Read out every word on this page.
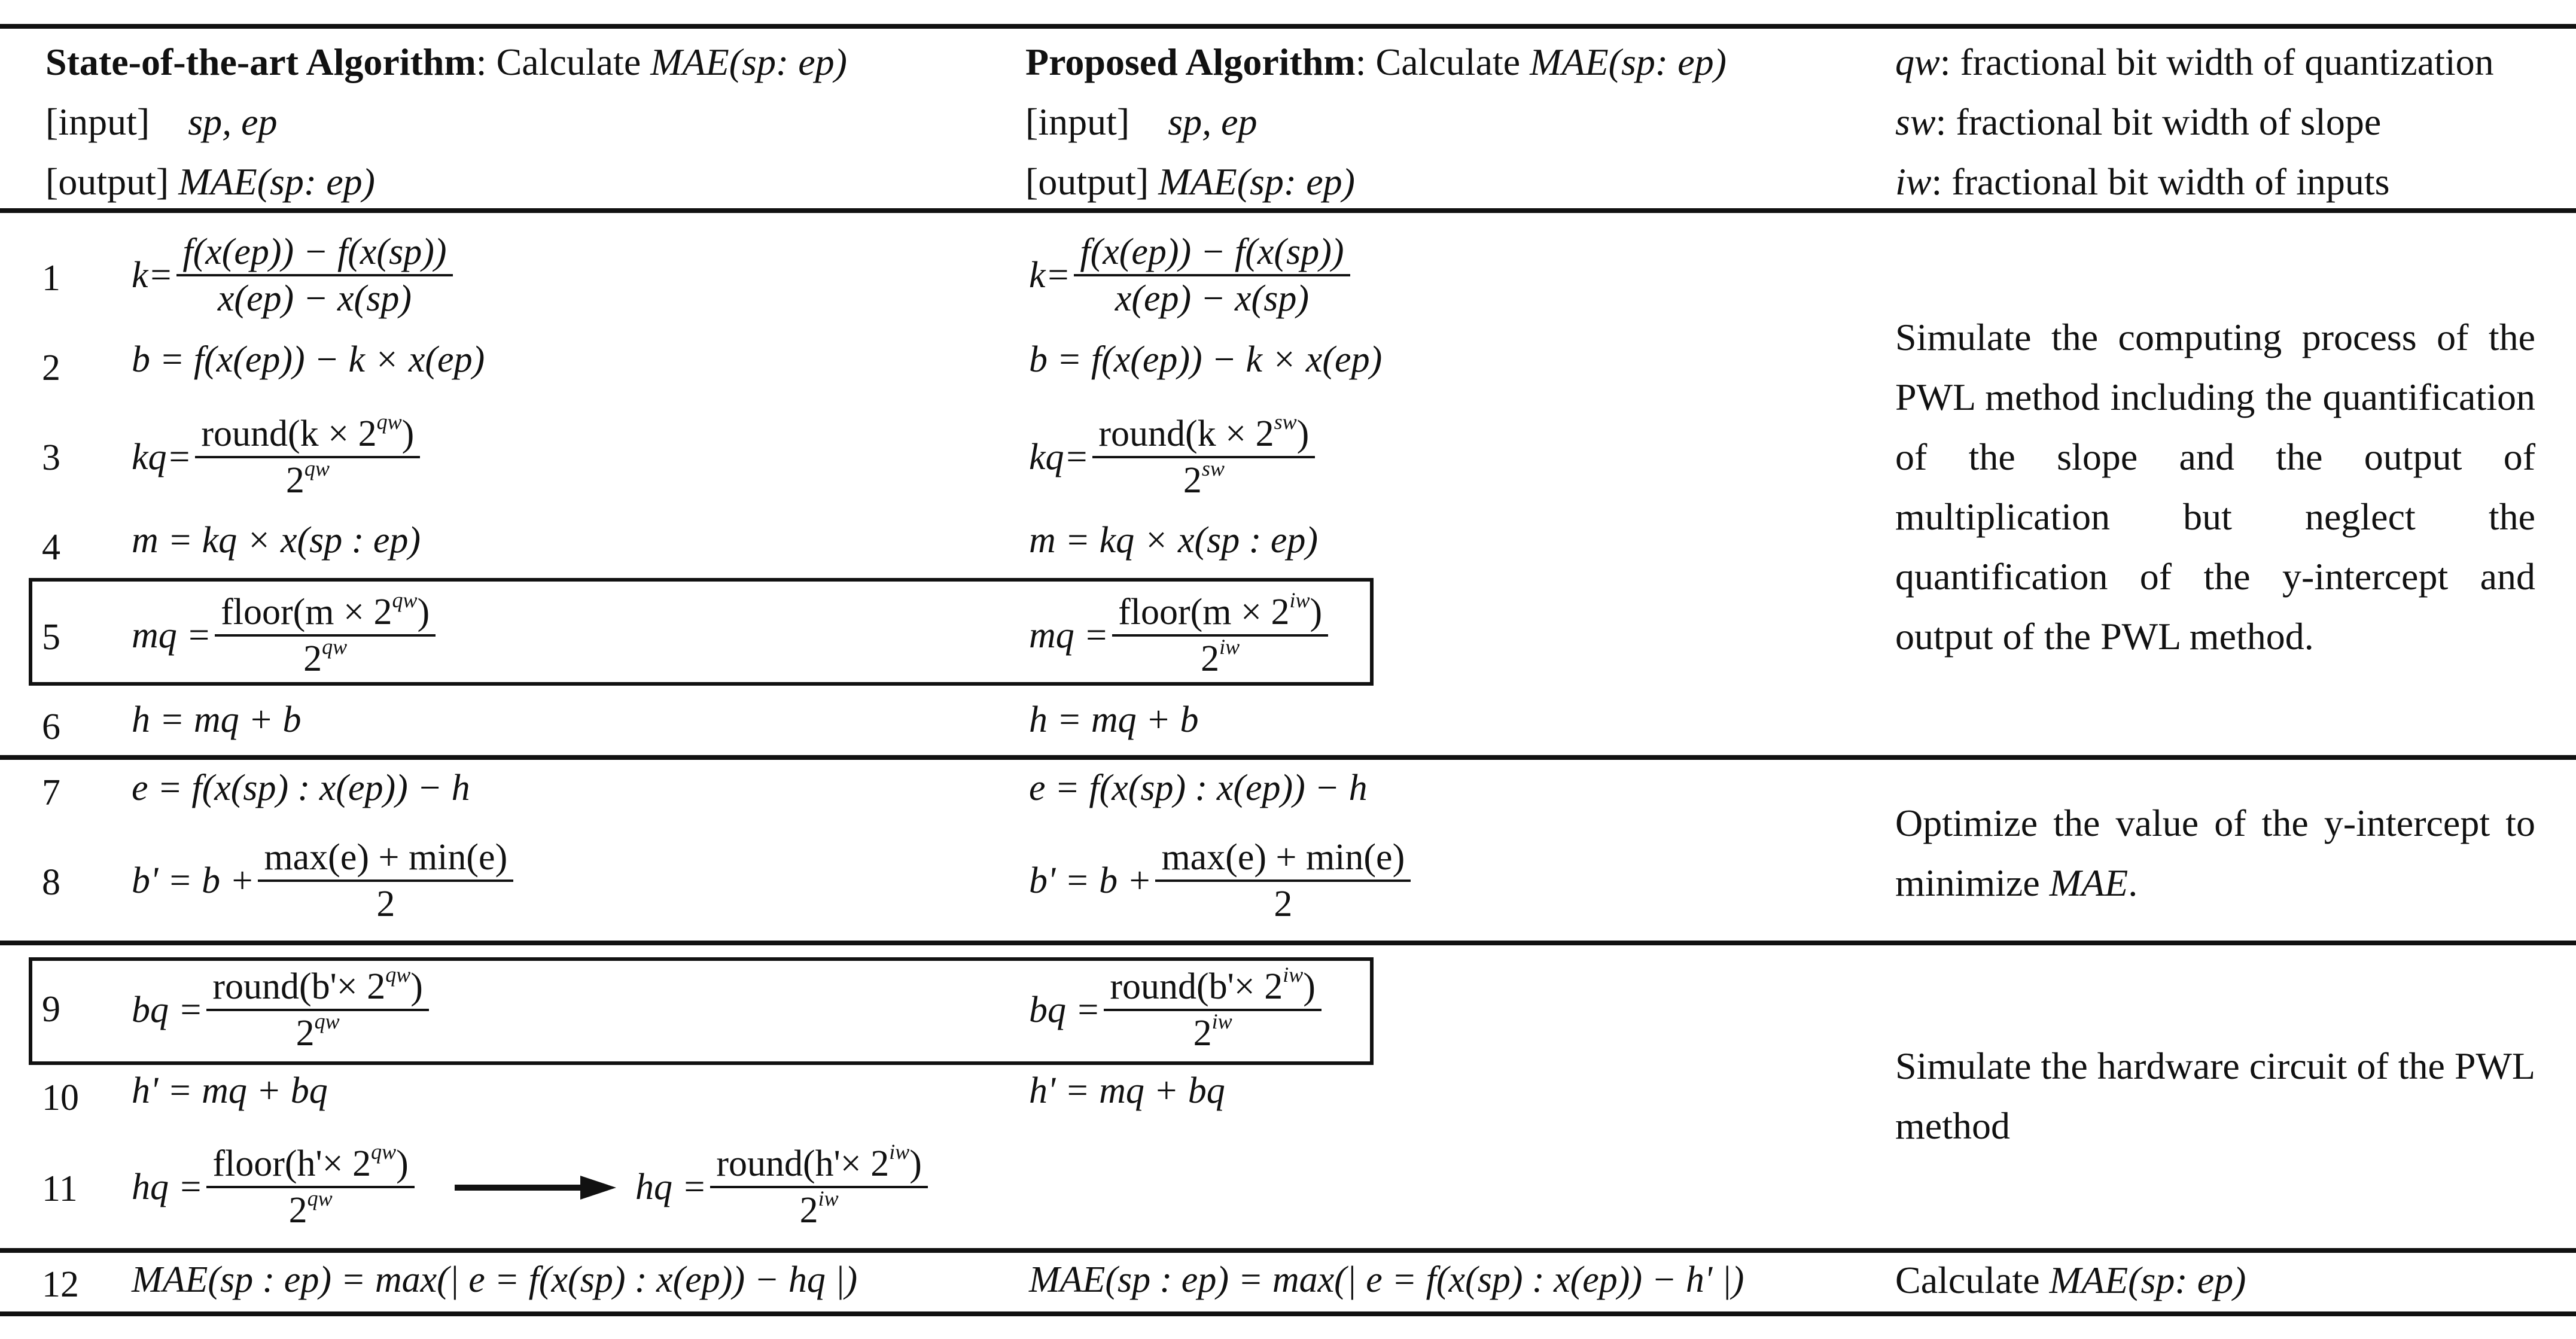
State-of-the-art Algorithm: Calculate MAE(sp: ep)
[input] sp, ep
[output] MAE(sp: ep)
Proposed Algorithm: Calculate MAE(sp: ep)
[input] sp, ep
[output] MAE(sp: ep)
qw: fractional bit width of quantization
sw: fractional bit width of slope
iw: fractional bit width of inputs
1
2
3
4
5
6
7
8
9
10
11
12
$k= \frac{f(x(ep)) - f(x(sp))}{x(ep) - x(sp)}$
b = f(x(ep)) − k × x(ep)
$kq= \frac{round(k \times 2^{qw})}{2^{qw}}$
m = kq × x(sp : ep)
mq = $\frac{floor(m \times 2^{qw})}{2^{qw}}$
h = mq + b
e = f(x(sp) : x(ep)) − h
$b' = b + \frac{\max(e) + \min(e)}{2}$
bq = $\frac{round(b'\times 2^{qw})}{2^{qw}}$
h' = mq + bq
hq = $\frac{floor(h'\times 2^{qw})}{2^{qw}}$	hq = $\frac{round(h'\times 2^{iw})}{2^{iw}}$
MAE(sp : ep) = max(| e = f(x(sp) : x(ep)) − hq |)
$k= \frac{f(x(ep)) - f(x(sp))}{x(ep) - x(sp)}$
b = f(x(ep)) − k × x(ep)
$kq= \frac{round(k \times 2^{sw})}{2^{sw}}$
m = kq × x(sp : ep)
mq = $\frac{floor(m \times 2^{iw})}{2^{iw}}$
h = mq + b
e = f(x(sp) : x(ep)) − h
$b' = b + \frac{\max(e) + \min(e)}{2}$
bq = $\frac{round(b'\times 2^{iw})}{2^{iw}}$
h' = mq + bq
MAE(sp : ep) = max(| e = f(x(sp) : x(ep)) − h' |)
Simulate the computing process of the PWL method including the quantification of the slope and the output of multiplication but neglect the quantification of the y-intercept and output of the PWL method.
Optimize the value of the y-intercept to minimize MAE.
Simulate the hardware circuit of the PWL method
Calculate MAE(sp: ep)
